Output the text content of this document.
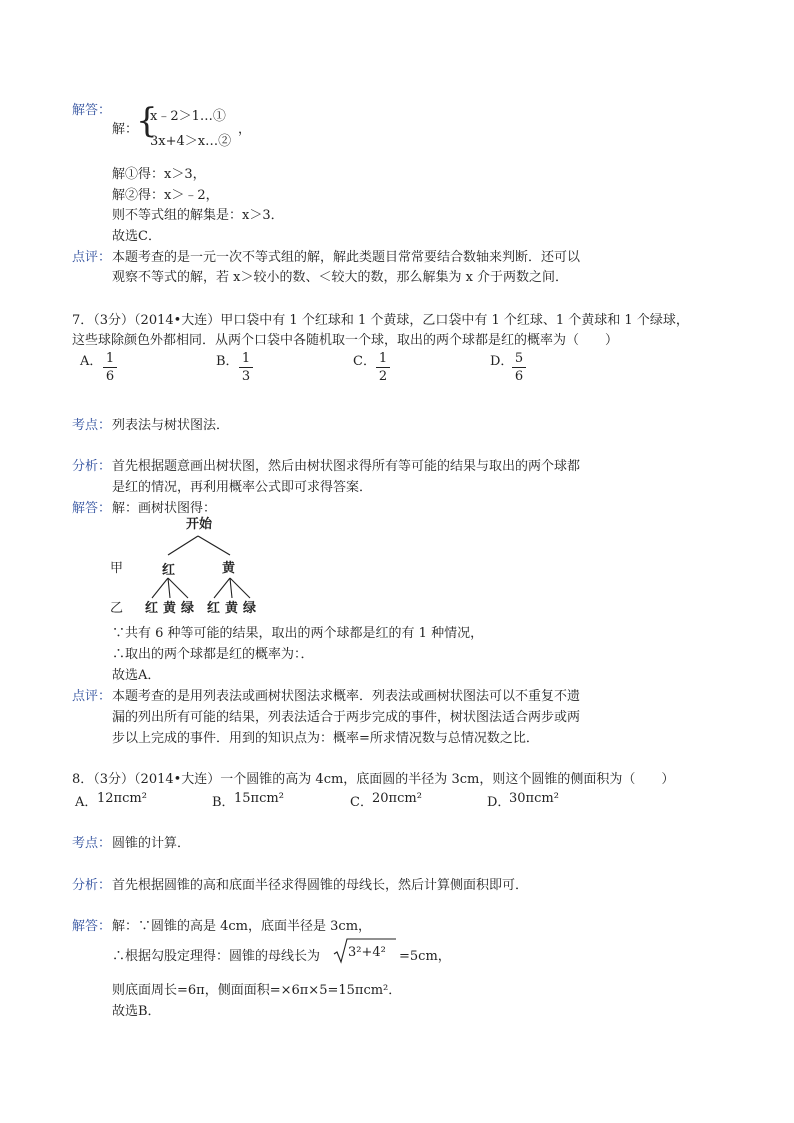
解答：
解：
{
x﹣2＞1…①
3x+4＞x…②
，
解①得：x＞3，
解②得：x＞﹣2，
则不等式组的解集是：x＞3．
故选C．
点评： 本题考查的是一元一次不等式组的解，解此类题目常常要结合数轴来判断．还可以
观察不等式的解，若 x＞较小的数、＜较大的数，那么解集为 x 介于两数之间．
7．（3分）（2014•大连）甲口袋中有 1 个红球和 1 个黄球，乙口袋中有 1 个红球、1 个黄球和 1 个绿球，
这些球除颜色外都相同．从两个口袋中各随机取一个球，取出的两个球都是红的概率为（　　）
A． 1
6
B． 1
3
C． 1
2
D． 5
6
考点： 列表法与树状图法．
分析： 首先根据题意画出树状图，然后由树状图求得所有等可能的结果与取出的两个球都
是红的情况，再利用概率公式即可求得答案．
解答： 解：画树状图得：
开始
甲	红	黄
乙 红 黄 绿 红 黄 绿
∵共有 6 种等可能的结果，取出的两个球都是红的有 1 种情况，
∴取出的两个球都是红的概率为：．
故选A．
点评： 本题考查的是用列表法或画树状图法求概率．列表法或画树状图法可以不重复不遗
漏的列出所有可能的结果，列表法适合于两步完成的事件，树状图法适合两步或两
步以上完成的事件．用到的知识点为：概率=所求情况数与总情况数之比．
8．（3分）（2014•大连）一个圆锥的高为 4cm，底面圆的半径为 3cm，则这个圆锥的侧面积为（　　）
A． 12πcm²	B． 15πcm²	C． 20πcm²	D．
30πcm²
考点： 圆锥的计算．
分析： 首先根据圆锥的高和底面半径求得圆锥的母线长，然后计算侧面积即可．
解答： 解：∵圆锥的高是 4cm，底面半径是 3cm，
∴根据勾股定理得：圆锥的母线长为 3²+4² =5cm，
则底面周长=6π，侧面面积=×6π×5=15πcm²．
故选B．
